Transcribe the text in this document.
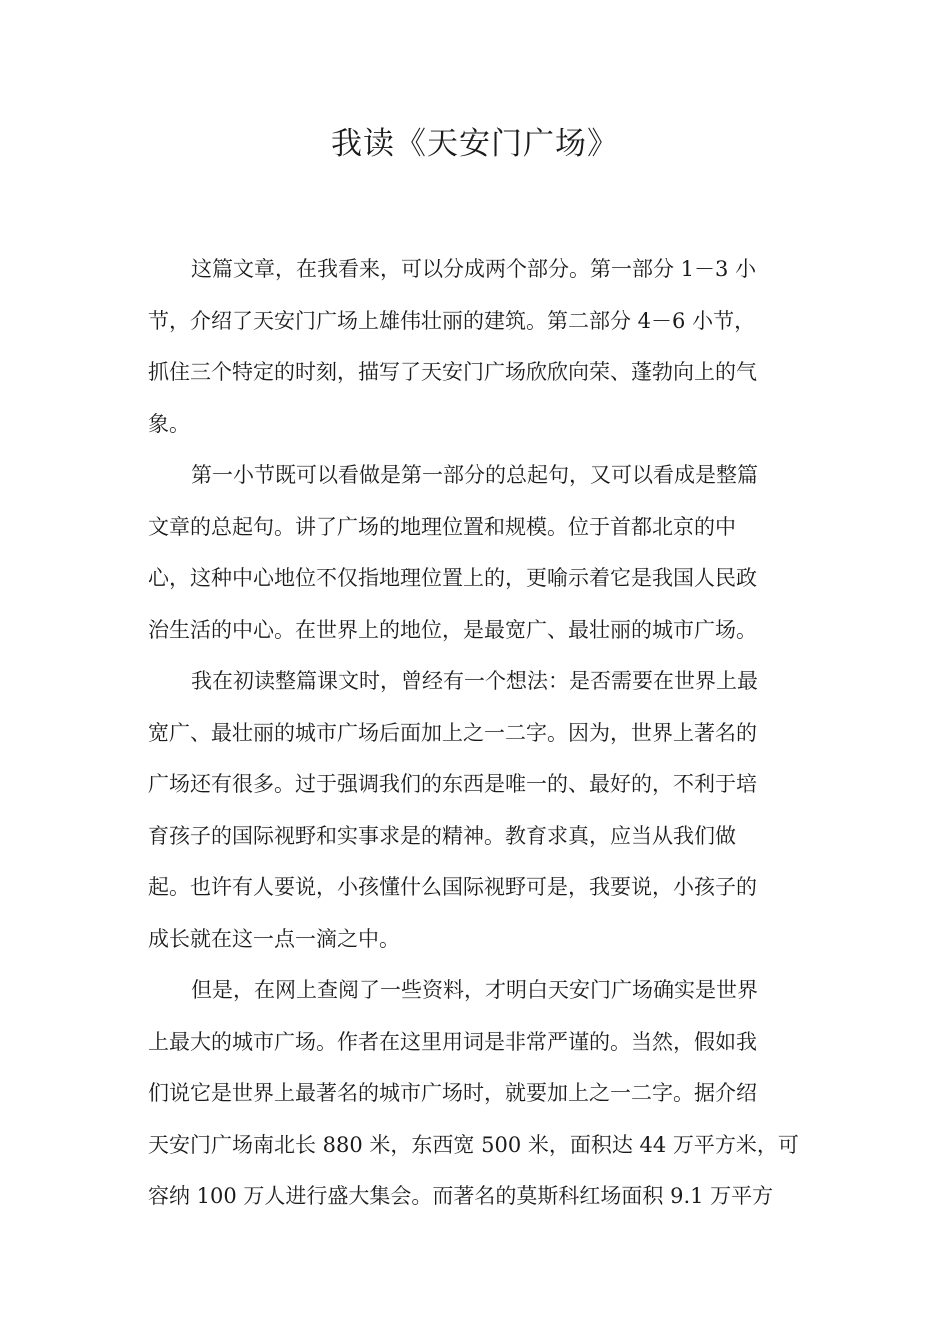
我读《天安门广场》
这篇文章，在我看来，可以分成两个部分。第一部分 1－3 小
节，介绍了天安门广场上雄伟壮丽的建筑。第二部分 4－6 小节，
抓住三个特定的时刻，描写了天安门广场欣欣向荣、蓬勃向上的气
象。
第一小节既可以看做是第一部分的总起句，又可以看成是整篇
文章的总起句。讲了广场的地理位置和规模。位于首都北京的中
心，这种中心地位不仅指地理位置上的，更喻示着它是我国人民政
治生活的中心。在世界上的地位，是最宽广、最壮丽的城市广场。
我在初读整篇课文时，曾经有一个想法：是否需要在世界上最
宽广、最壮丽的城市广场后面加上之一二字。因为，世界上著名的
广场还有很多。过于强调我们的东西是唯一的、最好的，不利于培
育孩子的国际视野和实事求是的精神。教育求真，应当从我们做
起。也许有人要说，小孩懂什么国际视野可是，我要说，小孩子的
成长就在这一点一滴之中。
但是，在网上查阅了一些资料，才明白天安门广场确实是世界
上最大的城市广场。作者在这里用词是非常严谨的。当然，假如我
们说它是世界上最著名的城市广场时，就要加上之一二字。据介绍
天安门广场南北长 880 米，东西宽 500 米，面积达 44 万平方米，可
容纳 100 万人进行盛大集会。而著名的莫斯科红场面积 9.1 万平方
